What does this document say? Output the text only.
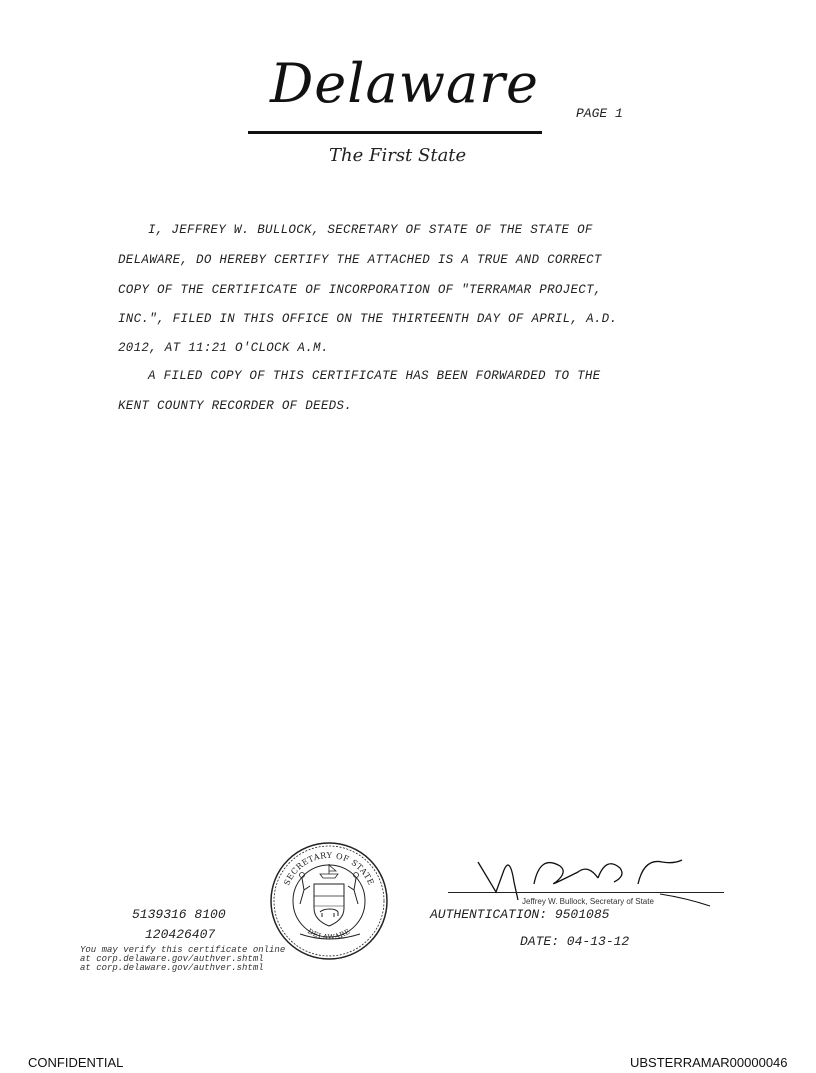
Delaware	PAGE 1
The First State
I, JEFFREY W. BULLOCK, SECRETARY OF STATE OF THE STATE OF
DELAWARE, DO HEREBY CERTIFY THE ATTACHED IS A TRUE AND CORRECT
COPY OF THE CERTIFICATE OF INCORPORATION OF "TERRAMAR PROJECT,
INC.", FILED IN THIS OFFICE ON THE THIRTEENTH DAY OF APRIL, A.D.
2012, AT 11:21 O'CLOCK A.M.
A FILED COPY OF THIS CERTIFICATE HAS BEEN FORWARDED TO THE
KENT COUNTY RECORDER OF DEEDS.
5139316 8100
120426407
You may verify this certificate online
at corp.delaware.gov/authver.shtml
at corp.delaware.gov/authver.shtml
SECRETARY OF STATE
DELAWARE
Jeffrey W. Bullock, Secretary of State
AUTHENTICATION: 9501085
DATE: 04-13-12
CONFIDENTIAL	UBSTERRAMAR00000046
